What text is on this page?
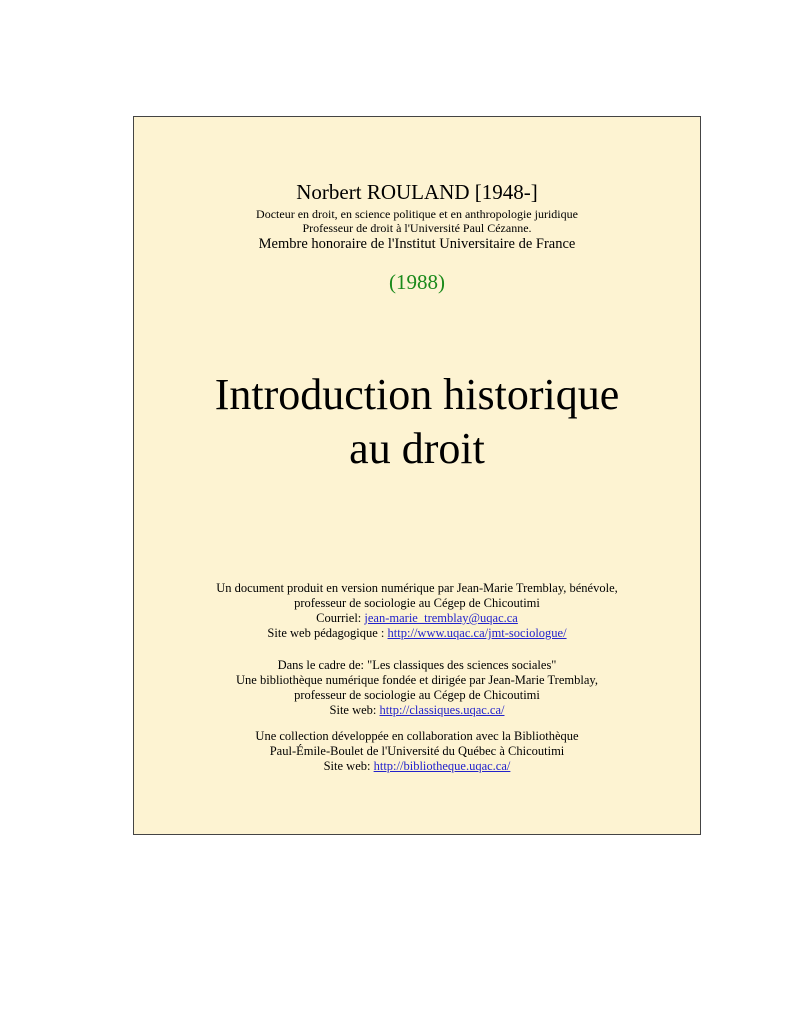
Norbert ROULAND [1948-]
Docteur en droit, en science politique et en anthropologie juridique
Professeur de droit à l'Université Paul Cézanne.
Membre honoraire de l'Institut Universitaire de France
(1988)
Introduction historique
au droit
Un document produit en version numérique par Jean-Marie Tremblay, bénévole,
professeur de sociologie au Cégep de Chicoutimi
Courriel: jean-marie_tremblay@uqac.ca
Site web pédagogique : http://www.uqac.ca/jmt-sociologue/
Dans le cadre de: "Les classiques des sciences sociales"
Une bibliothèque numérique fondée et dirigée par Jean-Marie Tremblay,
professeur de sociologie au Cégep de Chicoutimi
Site web: http://classiques.uqac.ca/
Une collection développée en collaboration avec la Bibliothèque
Paul-Émile-Boulet de l'Université du Québec à Chicoutimi
Site web: http://bibliotheque.uqac.ca/
